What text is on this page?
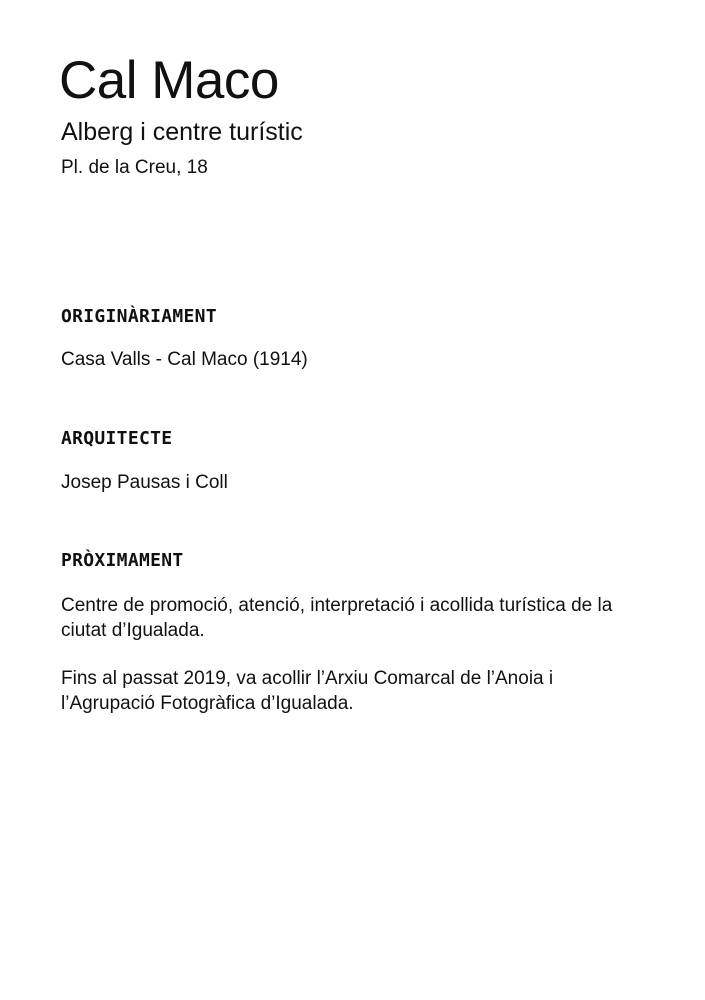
Cal Maco

Alberg i centre turístic

Pl. de la Creu, 18

ORIGINÀRIAMENT

Casa Valls - Cal Maco (1914)

ARQUITECTE

Josep Pausas i Coll

PRÒXIMAMENT

Centre de promoció, atenció, interpretació i acollida turística de la ciutat d’Igualada.

Fins al passat 2019, va acollir l’Arxiu Comarcal de l’Anoia i l’Agrupació Fotogràfica d’Igualada.
